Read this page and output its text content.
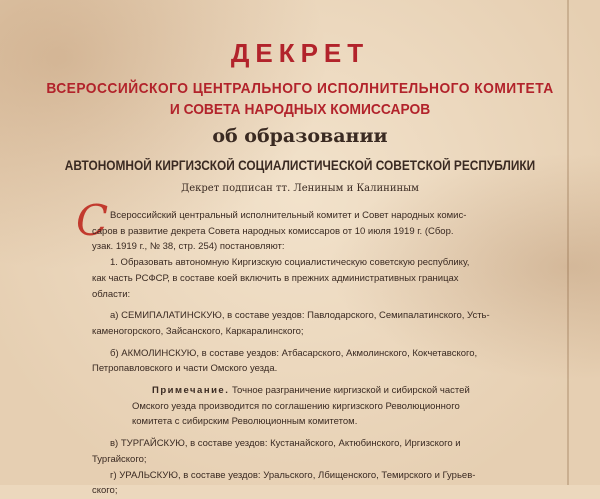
ДЕКРЕТ
ВСЕРОССИЙСКОГО ЦЕНТРАЛЬНОГО ИСПОЛНИТЕЛЬНОГО КОМИТЕТА
И СОВЕТА НАРОДНЫХ КОМИССАРОВ
об образовании
АВТОНОМНОЙ КИРГИЗСКОЙ СОЦИАЛИСТИЧЕСКОЙ СОВЕТСКОЙ РЕСПУБЛИКИ
Декрет подписан тт. Лениным и Калининым
С Всероссийский центральный исполнительный комитет и Совет народных комис-
саров в развитие декрета Совета народных комиссаров от 10 июля 1919 г. (Сбор.
узак. 1919 г., № 38, стр. 254) постановляют:
1. Образовать автономную Киргизскую социалистическую советскую республику,
как часть РСФСР, в составе коей включить в прежних административных границах
области:
а) СЕМИПАЛАТИНСКУЮ, в составе уездов: Павлодарского, Семипалатинского, Усть-
каменогорского, Зайсанского, Каркаралинского;
б) АКМОЛИНСКУЮ, в составе уездов: Атбасарского, Акмолинского, Кокчетавского,
Петропавловского и части Омского уезда.
Примечание. Точное разграничение киргизской и сибирской частей
Омского уезда производится по соглашению киргизского Революционного
комитета с сибирским Революционным комитетом.
в) ТУРГАЙСКУЮ, в составе уездов: Кустанайского, Актюбинского, Иргизского и
Тургайского;
г) УРАЛЬСКУЮ, в составе уездов: Уральского, Лбищенского, Темирского и Гурьев-
ского;
